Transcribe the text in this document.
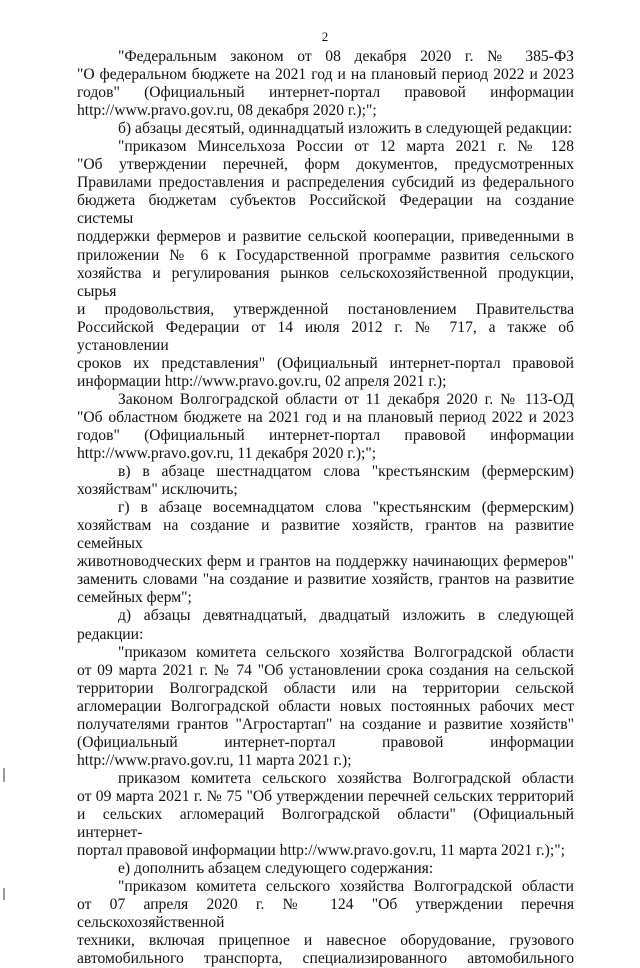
2
"Федеральным законом от 08 декабря 2020 г. № 385-ФЗ
"О федеральном бюджете на 2021 год и на плановый период 2022 и 2023
годов" (Официальный интернет-портал правовой информации
http://www.pravo.gov.ru, 08 декабря 2020 г.);";
б) абзацы десятый, одиннадцатый изложить в следующей редакции:
"приказом Минсельхоза России от 12 марта 2021 г. № 128
"Об утверждении перечней, форм документов, предусмотренных
Правилами предоставления и распределения субсидий из федерального
бюджета бюджетам субъектов Российской Федерации на создание системы
поддержки фермеров и развитие сельской кооперации, приведенными в
приложении № 6 к Государственной программе развития сельского
хозяйства и регулирования рынков сельскохозяйственной продукции, сырья
и продовольствия, утвержденной постановлением Правительства
Российской Федерации от 14 июля 2012 г. № 717, а также об установлении
сроков их представления" (Официальный интернет-портал правовой
информации http://www.pravo.gov.ru, 02 апреля 2021 г.);
Законом Волгоградской области от 11 декабря 2020 г. № 113-ОД
"Об областном бюджете на 2021 год и на плановый период 2022 и 2023
годов" (Официальный интернет-портал правовой информации
http://www.pravo.gov.ru, 11 декабря 2020 г.);";
в) в абзаце шестнадцатом слова "крестьянским (фермерским)
хозяйствам" исключить;
г) в абзаце восемнадцатом слова "крестьянским (фермерским)
хозяйствам на создание и развитие хозяйств, грантов на развитие семейных
животноводческих ферм и грантов на поддержку начинающих фермеров"
заменить словами "на создание и развитие хозяйств, грантов на развитие
семейных ферм";
д) абзацы девятнадцатый, двадцатый изложить в следующей
редакции:
"приказом комитета сельского хозяйства Волгоградской области
от 09 марта 2021 г. № 74 "Об установлении срока создания на сельской
территории Волгоградской области или на территории сельской
агломерации Волгоградской области новых постоянных рабочих мест
получателями грантов "Агростартап" на создание и развитие хозяйств"
(Официальный интернет-портал правовой информации
http://www.pravo.gov.ru, 11 марта 2021 г.);
приказом комитета сельского хозяйства Волгоградской области
от 09 марта 2021 г. № 75 "Об утверждении перечней сельских территорий
и сельских агломераций Волгоградской области" (Официальный интернет-
портал правовой информации http://www.pravo.gov.ru, 11 марта 2021 г.);";
е) дополнить абзацем следующего содержания:
"приказом комитета сельского хозяйства Волгоградской области
от 07 апреля 2020 г. № 124 "Об утверждении перечня сельскохозяйственной
техники, включая прицепное и навесное оборудование, грузового
автомобильного транспорта, специализированного автомобильного
